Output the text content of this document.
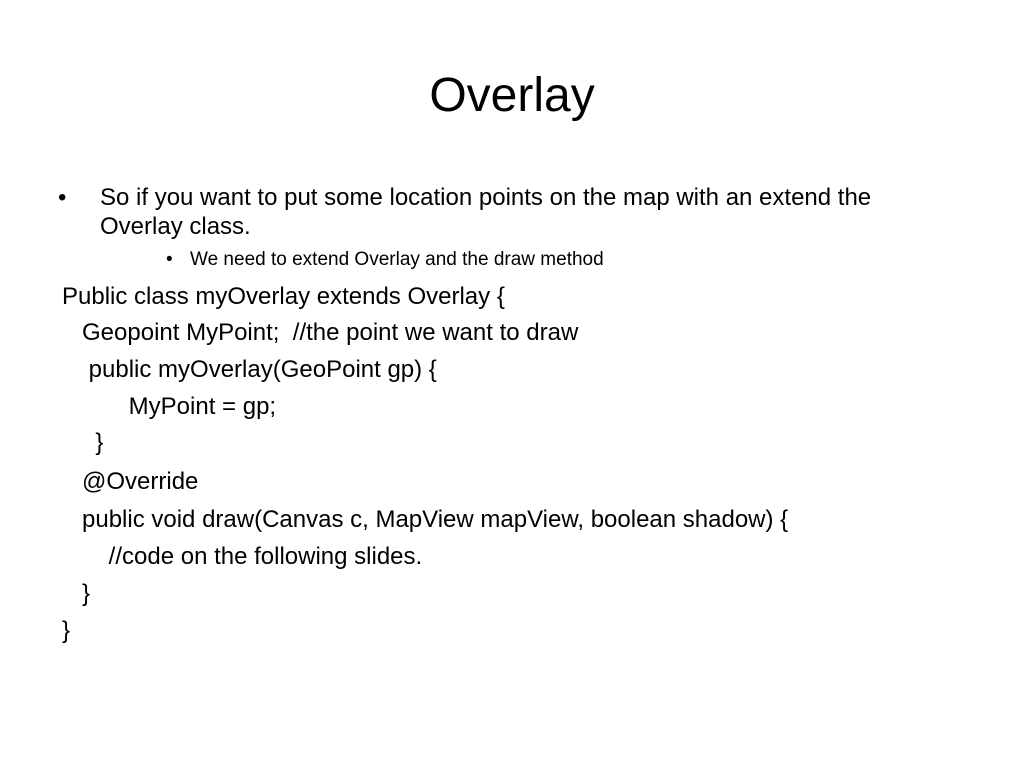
Overlay
•	So if you want to put some location points on the map with an extend the Overlay class.
• We need to extend Overlay and the draw method
Public class myOverlay extends Overlay {
Geopoint MyPoint;  //the point we want to draw
public myOverlay(GeoPoint gp) {
MyPoint = gp;
}
@Override
public void draw(Canvas c, MapView mapView, boolean shadow) {
//code on the following slides.
}
}
